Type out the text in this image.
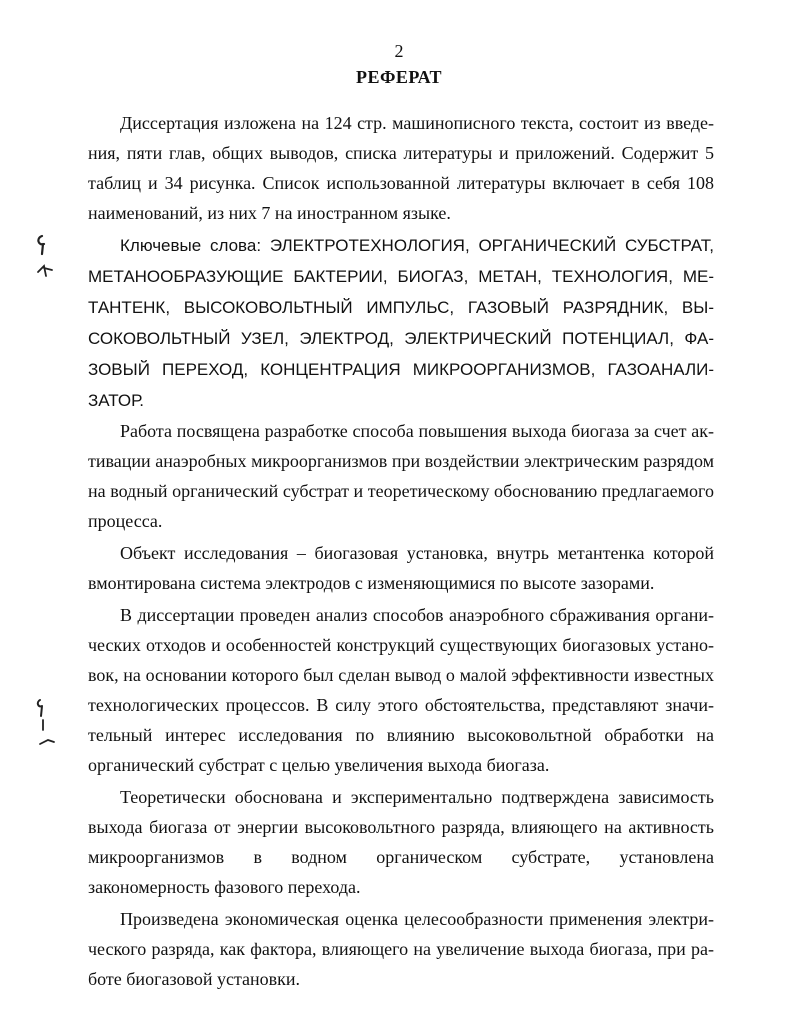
2
РЕФЕРАТ

Диссертация изложена на 124 стр. машинописного текста, состоит из введения, пяти глав, общих выводов, списка литературы и приложений. Содержит 5 таблиц и 34 рисунка. Список использованной литературы включает в себя 108 наименований, из них 7 на иностранном языке.

Ключевые слова: ЭЛЕКТРОТЕХНОЛОГИЯ, ОРГАНИЧЕСКИЙ СУБСТРАТ, МЕТАНООБРАЗУЮЩИЕ БАКТЕРИИ, БИОГАЗ, МЕТАН, ТЕХНОЛОГИЯ, МЕТАНТЕНК, ВЫСОКОВОЛЬТНЫЙ ИМПУЛЬС, ГАЗОВЫЙ РАЗРЯДНИК, ВЫСОКОВОЛЬТНЫЙ УЗЕЛ, ЭЛЕКТРОД, ЭЛЕКТРИЧЕСКИЙ ПОТЕНЦИАЛ, ФАЗОВЫЙ ПЕРЕХОД, КОНЦЕНТРАЦИЯ МИКРООРГАНИЗМОВ, ГАЗОАНАЛИЗАТОР.

Работа посвящена разработке способа повышения выхода биогаза за счет активации анаэробных микроорганизмов при воздействии электрическим разрядом на водный органический субстрат и теоретическому обоснованию предлагаемого процесса.

Объект исследования – биогазовая установка, внутрь метантенка которой вмонтирована система электродов с изменяющимися по высоте зазорами.

В диссертации проведен анализ способов анаэробного сбраживания органических отходов и особенностей конструкций существующих биогазовых установок, на основании которого был сделан вывод о малой эффективности известных технологических процессов. В силу этого обстоятельства, представляют значительный интерес исследования по влиянию высоковольтной обработки на органический субстрат с целью увеличения выхода биогаза.

Теоретически обоснована и экспериментально подтверждена зависимость выхода биогаза от энергии высоковольтного разряда, влияющего на активность микроорганизмов в водном органическом субстрате, установлена закономерность фазового перехода.

Произведена экономическая оценка целесообразности применения электрического разряда, как фактора, влияющего на увеличение выхода биогаза, при работе биогазовой установки.
